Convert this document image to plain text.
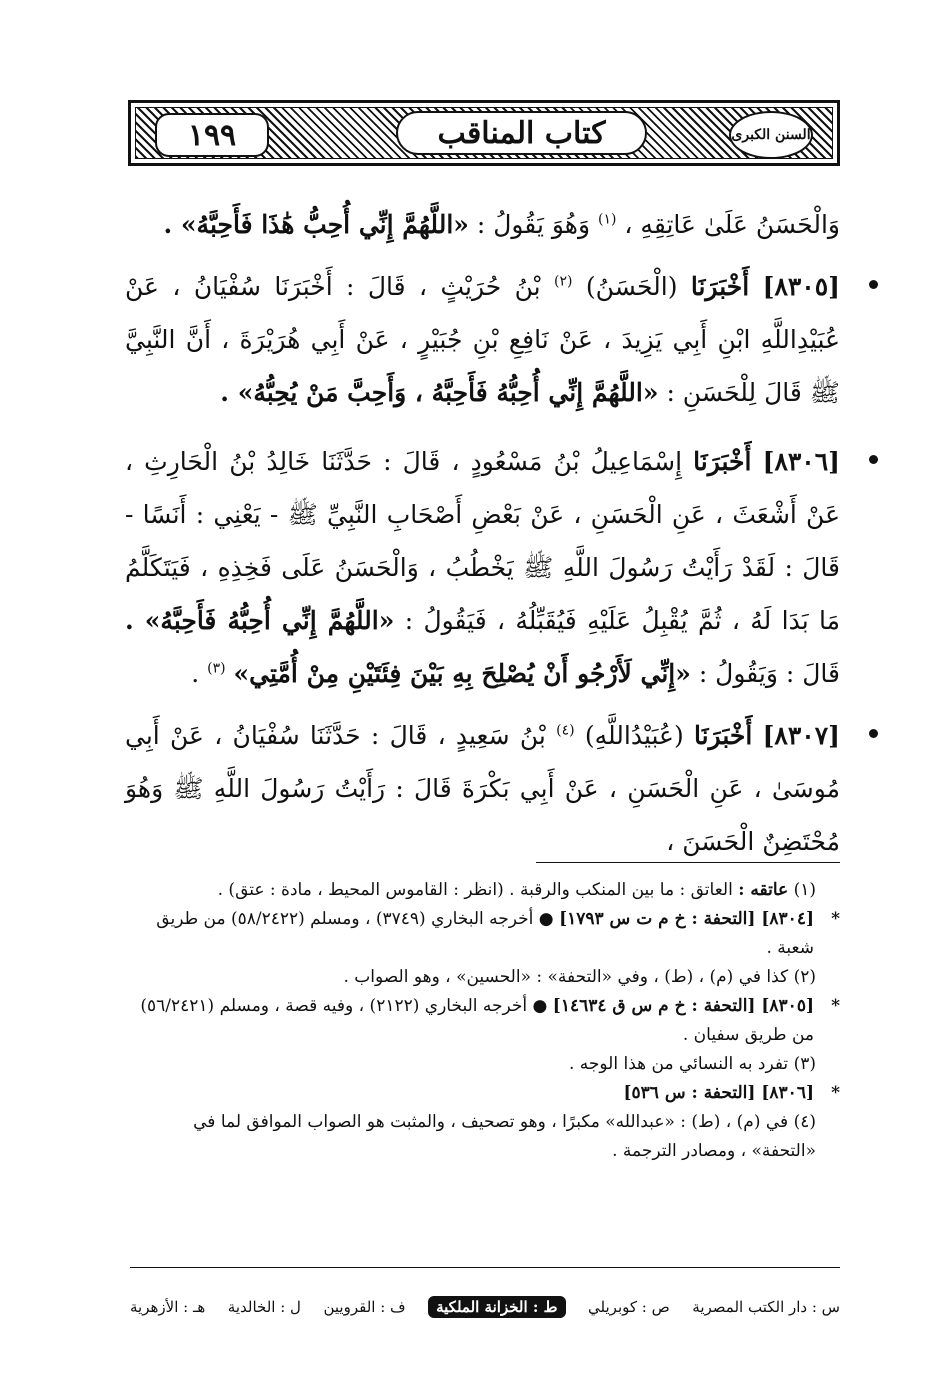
١٩٩	كتاب المناقب	السنن الكبرى

وَالْحَسَنُ عَلَىٰ عَاتِقِهِ ، $^{(١)}$ وَهُوَ يَقُولُ : «اللَّهُمَّ إِنِّي أُحِبُّ هَٰذَا فَأَحِبَّهُ» .

[٨٣٠٥] أَخْبَرَنَا (الْحَسَنُ) $^{(٢)}$ بْنُ حُرَيْثٍ ، قَالَ : أَخْبَرَنَا سُفْيَانُ ، عَنْ عُبَيْدِاللَّهِ ابْنِ أَبِي يَزِيدَ ، عَنْ نَافِعِ بْنِ جُبَيْرٍ ، عَنْ أَبِي هُرَيْرَةَ ، أَنَّ النَّبِيَّ ﷺ قَالَ لِلْحَسَنِ : «اللَّهُمَّ إِنِّي أُحِبُّهُ فَأَحِبَّهُ ، وَأَحِبَّ مَنْ يُحِبُّهُ» .

[٨٣٠٦] أَخْبَرَنَا إِسْمَاعِيلُ بْنُ مَسْعُودٍ ، قَالَ : حَدَّثَنَا خَالِدُ بْنُ الْحَارِثِ ، عَنْ أَشْعَثَ ، عَنِ الْحَسَنِ ، عَنْ بَعْضِ أَصْحَابِ النَّبِيِّ ﷺ - يَعْنِي : أَنَسًا - قَالَ : لَقَدْ رَأَيْتُ رَسُولَ اللَّهِ ﷺ يَخْطُبُ ، وَالْحَسَنُ عَلَى فَخِذِهِ ، فَيَتَكَلَّمُ مَا بَدَا لَهُ ، ثُمَّ يُقْبِلُ عَلَيْهِ فَيُقَبِّلُهُ ، فَيَقُولُ : «اللَّهُمَّ إِنِّي أُحِبُّهُ فَأَحِبَّهُ» . قَالَ : وَيَقُولُ : «إِنِّي لَأَرْجُو أَنْ يُصْلِحَ بِهِ بَيْنَ فِئَتَيْنِ مِنْ أُمَّتِي» $^{(٣)}$ .

[٨٣٠٧] أَخْبَرَنَا (عُبَيْدُاللَّهِ) $^{(٤)}$ بْنُ سَعِيدٍ ، قَالَ : حَدَّثَنَا سُفْيَانُ ، عَنْ أَبِي مُوسَىٰ ، عَنِ الْحَسَنِ ، عَنْ أَبِي بَكْرَةَ قَالَ : رَأَيْتُ رَسُولَ اللَّهِ ﷺ وَهُوَ مُحْتَضِنٌ الْحَسَنَ ،

(١) عاتقه : العاتق : ما بين المنكب والرقبة . (انظر : القاموس المحيط ، مادة : عتق) .

*
[٨٣٠٤] [التحفة : خ م ت س ١٧٩٣] ● أخرجه البخاري (٣٧٤٩) ، ومسلم (٥٨/٢٤٢٢) من طريق شعبة .

(٢) كذا في (م) ، (ط) ، وفي «التحفة» : «الحسين» ، وهو الصواب .

*
[٨٣٠٥] [التحفة : خ م س ق ١٤٦٣٤] ● أخرجه البخاري (٢١٢٢) ، وفيه قصة ، ومسلم (٥٦/٢٤٢١) من طريق سفيان .

(٣) تفرد به النسائي من هذا الوجه .

*
[٨٣٠٦] [التحفة : س ٥٣٦]

(٤) في (م) ، (ط) : «عبدالله» مكبرًا ، وهو تصحيف ، والمثبت هو الصواب الموافق لما في «التحفة» ، ومصادر الترجمة .

س : دار الكتب المصرية
ص : كوبريلي
ط : الخزانة الملكية
ف : القرويين
ل : الخالدية
هـ : الأزهرية
